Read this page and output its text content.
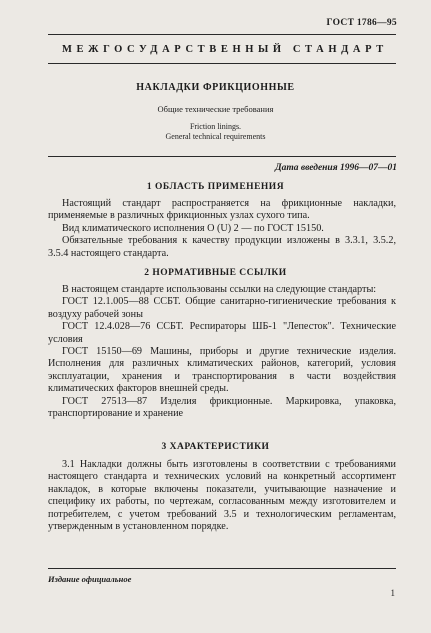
ГОСТ 1786—95
МЕЖГОСУДАРСТВЕННЫЙ СТАНДАРТ
НАКЛАДКИ ФРИКЦИОННЫЕ
Общие технические требования
Friction linings.
General technical requirements
Дата введения 1996—07—01
1 ОБЛАСТЬ ПРИМЕНЕНИЯ

Настоящий стандарт распространяется на фрикционные накладки, применяемые в различных фрикционных узлах сухого типа.

Вид климатического исполнения О (U) 2 — по ГОСТ 15150.

Обязательные требования к качеству продукции изложены в 3.3.1, 3.5.2, 3.5.4 настоящего стандарта.

2 НОРМАТИВНЫЕ ССЫЛКИ

В настоящем стандарте использованы ссылки на следующие стандарты:

ГОСТ 12.1.005—88 ССБТ. Общие санитарно-гигиенические требования к воздуху рабочей зоны

ГОСТ 12.4.028—76 ССБТ. Респираторы ШБ-1 "Лепесток". Технические условия

ГОСТ 15150—69 Машины, приборы и другие технические изделия. Исполнения для различных климатических районов, категорий, условия эксплуатации, хранения и транспортирования в части воздействия климатических факторов внешней среды.

ГОСТ 27513—87 Изделия фрикционные. Маркировка, упаковка, транспортирование и хранение

3 ХАРАКТЕРИСТИКИ

3.1 Накладки должны быть изготовлены в соответствии с требованиями настоящего стандарта и технических условий на конкретный ассортимент накладок, в которые включены показатели, учитывающие назначение и специфику их работы, по чертежам, согласованным между изготовителем и потребителем, с учетом требований 3.5 и технологическим регламентам, утвержденным в установленном порядке.

Издание официальное
1
